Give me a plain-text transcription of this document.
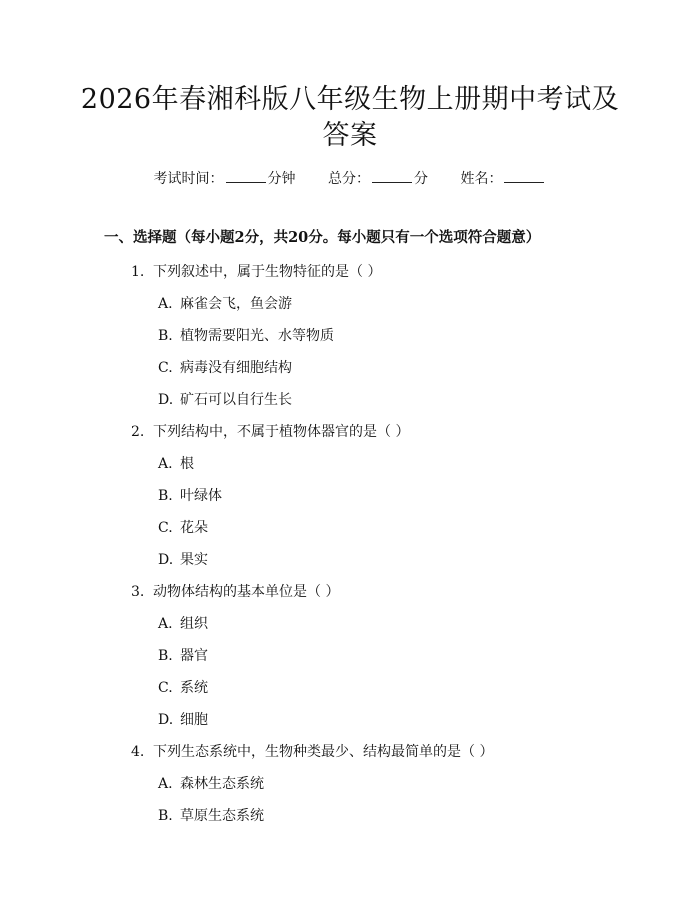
2026年春湘科版八年级生物上册期中考试及
答案
考试时间：	分钟 总分：	分 姓名：
一、选择题（每小题2分，共20分。每小题只有一个选项符合题意）
1. 下列叙述中，属于生物特征的是（ ）
A. 麻雀会飞，鱼会游
B. 植物需要阳光、水等物质
C. 病毒没有细胞结构
D. 矿石可以自行生长
2. 下列结构中，不属于植物体器官的是（ ）
A. 根
B. 叶绿体
C. 花朵
D. 果实
3. 动物体结构的基本单位是（ ）
A. 组织
B. 器官
C. 系统
D. 细胞
4. 下列生态系统中，生物种类最少、结构最简单的是（ ）
A. 森林生态系统
B. 草原生态系统
